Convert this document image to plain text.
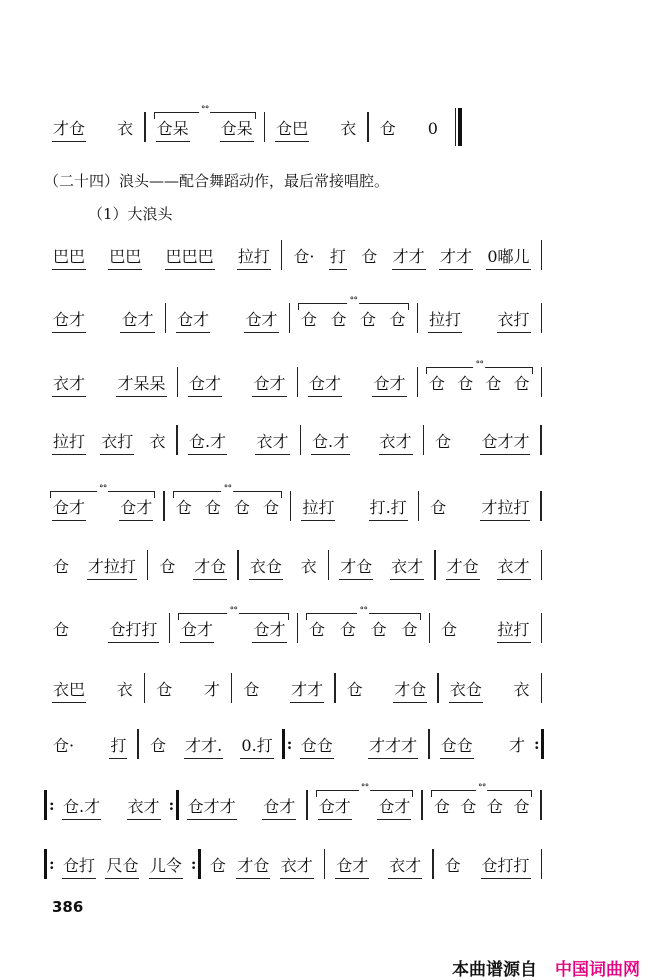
才仓 衣 仓呆 仓呆
∘∘ 仓巴 衣 仓 0
巴巴 巴巴 巴巴巴 拉打 仓· 打 仓 才才 才才 0嘟儿
仓才 仓才 仓才 仓才 仓 仓 仓 仓
∘∘ 拉打 衣打
衣才 才呆呆 仓才 仓才 仓才 仓才 仓 仓 仓 仓
∘∘
拉打 衣打 衣 仓.才 衣才 仓.才 衣才 仓 仓才才
仓才 仓才
∘∘ 仓 仓 仓 仓
∘∘ 拉打 打.打 仓 才拉打
仓 才拉打 仓 才仓 衣仓 衣 才仓 衣才 才仓 衣才
仓	仓打打 仓才	仓才
∘∘ 仓 仓 仓 仓
∘∘ 仓	拉打
衣巴 衣 仓 才 仓 才才 仓 才仓 衣仓 衣
仓· 打 仓 才才. 0.打 : 仓仓 才才才 仓仓 才
:
:
仓.才 衣才 : 仓才才 仓才 仓才 仓才
∘∘ 仓 仓 仓 仓
∘∘
:
仓打 尺仓 儿令 : 仓 才仓 衣才 仓才 衣才 仓 仓打打
（二十四）浪头——配合舞蹈动作，最后常接唱腔。
（1）大浪头
386
本曲谱源自 中国词曲网
